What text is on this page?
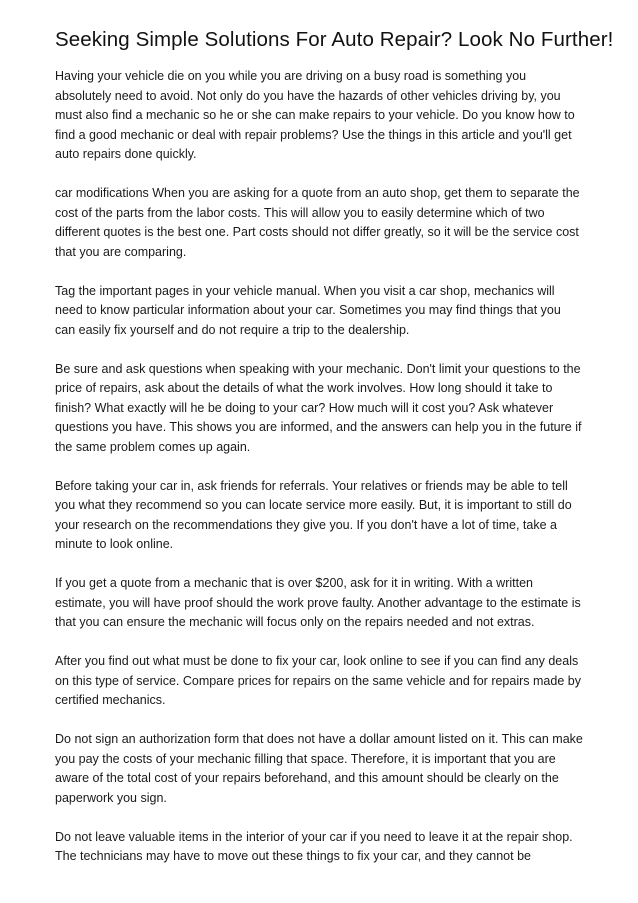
Seeking Simple Solutions For Auto Repair? Look No Further!

Having your vehicle die on you while you are driving on a busy road is something you absolutely need to avoid. Not only do you have the hazards of other vehicles driving by, you must also find a mechanic so he or she can make repairs to your vehicle. Do you know how to find a good mechanic or deal with repair problems? Use the things in this article and you'll get auto repairs done quickly.

car modifications When you are asking for a quote from an auto shop, get them to separate the cost of the parts from the labor costs. This will allow you to easily determine which of two different quotes is the best one. Part costs should not differ greatly, so it will be the service cost that you are comparing.

Tag the important pages in your vehicle manual. When you visit a car shop, mechanics will need to know particular information about your car. Sometimes you may find things that you can easily fix yourself and do not require a trip to the dealership.

Be sure and ask questions when speaking with your mechanic. Don't limit your questions to the price of repairs, ask about the details of what the work involves. How long should it take to finish? What exactly will he be doing to your car? How much will it cost you? Ask whatever questions you have. This shows you are informed, and the answers can help you in the future if the same problem comes up again.

Before taking your car in, ask friends for referrals. Your relatives or friends may be able to tell you what they recommend so you can locate service more easily. But, it is important to still do your research on the recommendations they give you. If you don't have a lot of time, take a minute to look online.

If you get a quote from a mechanic that is over $200, ask for it in writing. With a written estimate, you will have proof should the work prove faulty. Another advantage to the estimate is that you can ensure the mechanic will focus only on the repairs needed and not extras.

After you find out what must be done to fix your car, look online to see if you can find any deals on this type of service. Compare prices for repairs on the same vehicle and for repairs made by certified mechanics.

Do not sign an authorization form that does not have a dollar amount listed on it. This can make you pay the costs of your mechanic filling that space. Therefore, it is important that you are aware of the total cost of your repairs beforehand, and this amount should be clearly on the paperwork you sign.

Do not leave valuable items in the interior of your car if you need to leave it at the repair shop. The technicians may have to move out these things to fix your car, and they cannot be
